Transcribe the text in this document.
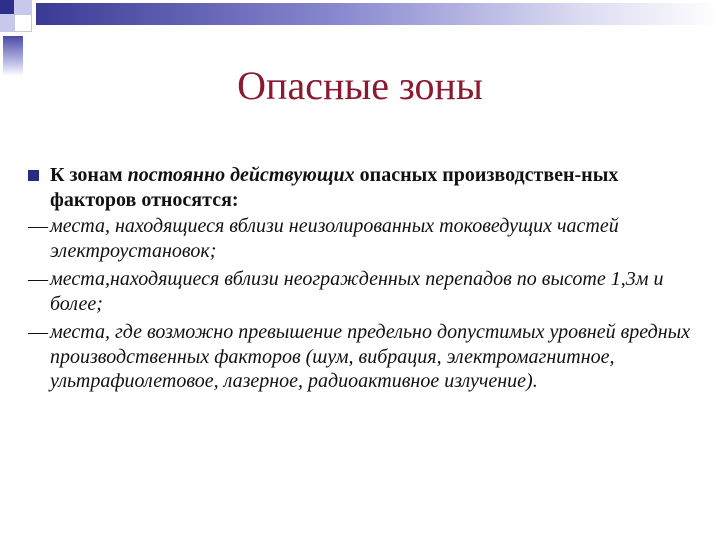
Опасные зоны
К зонам постоянно действующих опасных производствен-ных факторов относятся:
— места, находящиеся вблизи неизолированных токоведущих частей электроустановок;
— места,находящиеся вблизи неогражденных перепадов по высоте 1,3м и более;
— места, где возможно превышение предельно допустимых уровней вредных производственных факторов (шум, вибрация, электромагнитное, ультрафиолетовое, лазерное, радиоактивное излучение).
